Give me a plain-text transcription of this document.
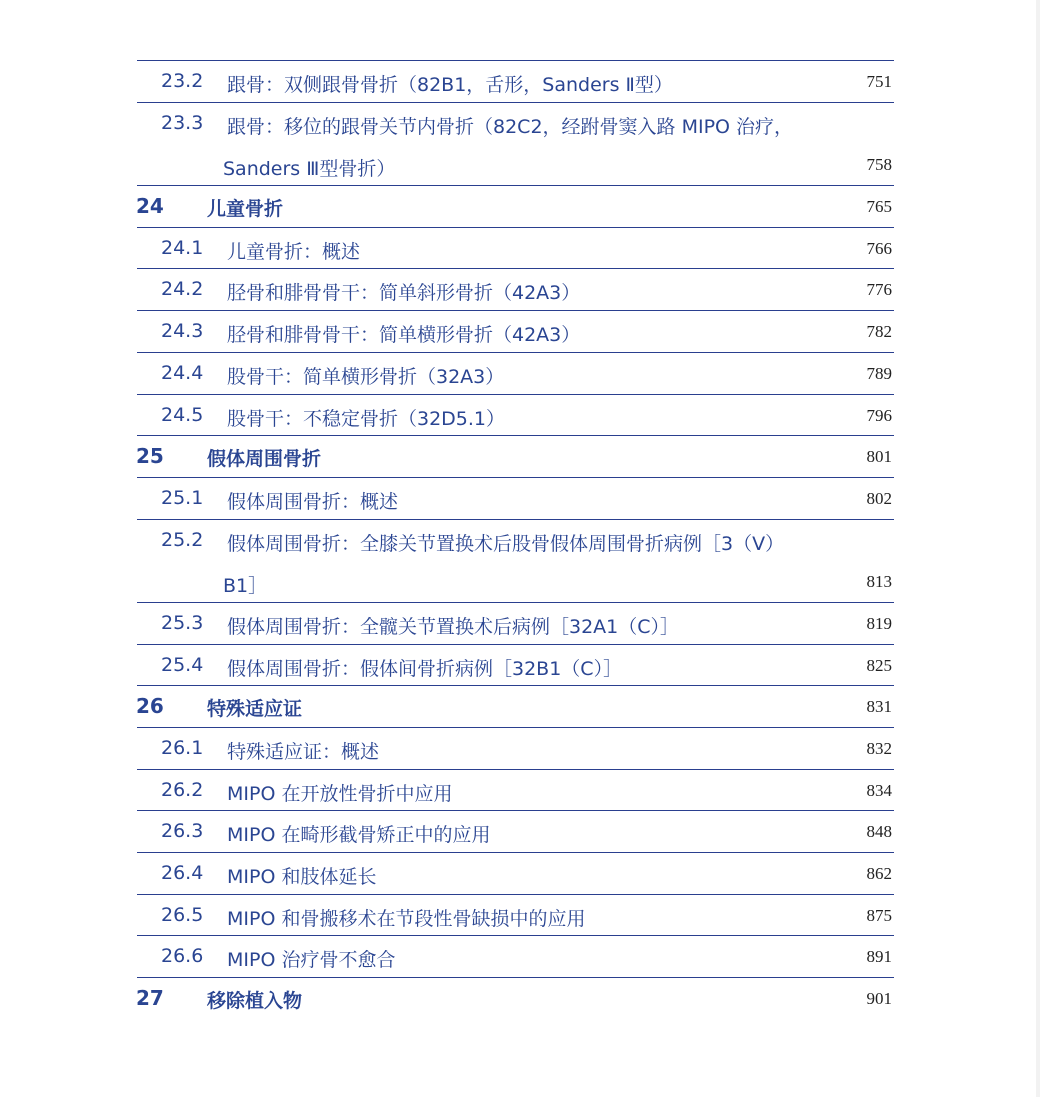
23.2 跟骨：双侧跟骨骨折（82B1，舌形，Sanders Ⅱ型）	751
23.3 跟骨：移位的跟骨关节内骨折（82C2，经跗骨窦入路 MIPO 治疗，
Sanders Ⅲ型骨折）	758
24 儿童骨折	765
24.1 儿童骨折：概述	766
24.2 胫骨和腓骨骨干：简单斜形骨折（42A3）	776
24.3 胫骨和腓骨骨干：简单横形骨折（42A3）	782
24.4 股骨干：简单横形骨折（32A3）	789
24.5 股骨干：不稳定骨折（32D5.1）	796
25 假体周围骨折	801
25.1 假体周围骨折：概述	802
25.2 假体周围骨折：全膝关节置换术后股骨假体周围骨折病例［3（V）
B1］	813
25.3 假体周围骨折：全髋关节置换术后病例［32A1（C）］	819
25.4 假体周围骨折：假体间骨折病例［32B1（C）］	825
26 特殊适应证	831
26.1 特殊适应证：概述	832
26.2 MIPO 在开放性骨折中应用	834
26.3 MIPO 在畸形截骨矫正中的应用	848
26.4 MIPO 和肢体延长	862
26.5 MIPO 和骨搬移术在节段性骨缺损中的应用	875
26.6 MIPO 治疗骨不愈合	891
27 移除植入物	901
